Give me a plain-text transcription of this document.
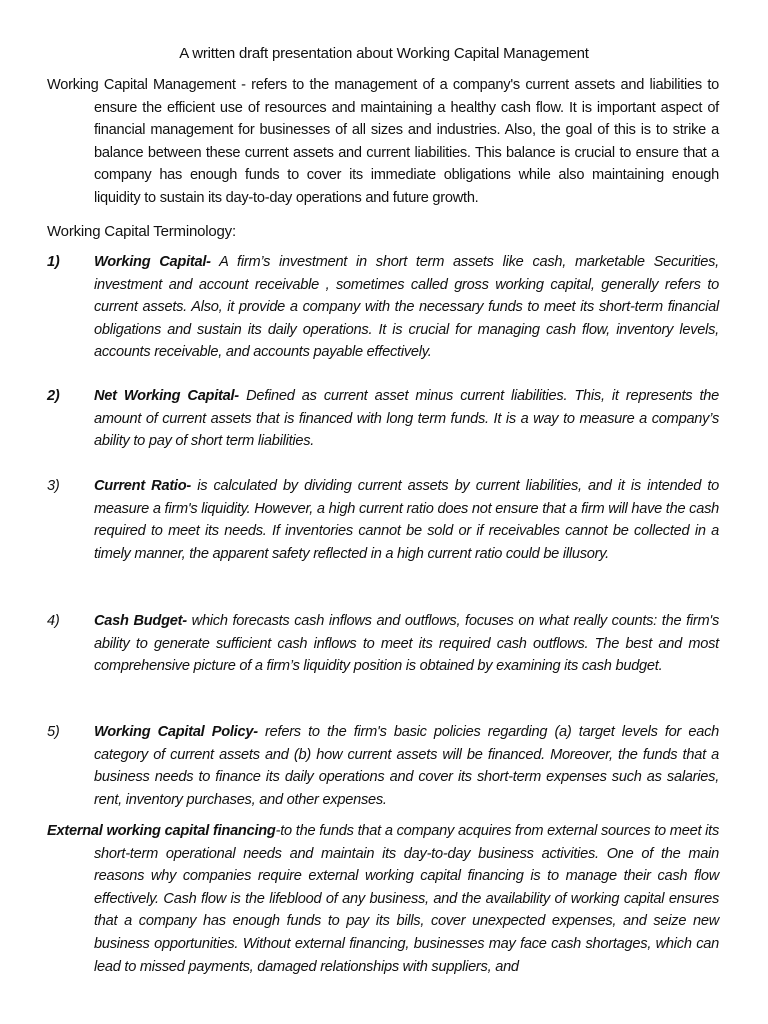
A written draft presentation about Working Capital Management
Working Capital Management - refers to the management of a company's current assets and liabilities to ensure the efficient use of resources and maintaining a healthy cash flow. It is important aspect of financial management for businesses of all sizes and industries. Also, the goal of this is to strike a balance between these current assets and current liabilities. This balance is crucial to ensure that a company has enough funds to cover its immediate obligations while also maintaining enough liquidity to sustain its day-to-day operations and future growth.
Working Capital Terminology:
1)	Working Capital- A firm’s investment in short term assets like cash, marketable Securities, investment and account receivable , sometimes called gross working capital, generally refers to current assets. Also, it provide a company with the necessary funds to meet its short-term financial obligations and sustain its daily operations. It is crucial for managing cash flow, inventory levels, accounts receivable, and accounts payable effectively.
2)	Net Working Capital- Defined as current asset minus current liabilities. This, it represents the amount of current assets that is financed with long term funds. It is a way to measure a company’s ability to pay of short term liabilities.
3)	Current Ratio- is calculated by dividing current assets by current liabilities, and it is intended to measure a firm's liquidity. However, a high current ratio does not ensure that a firm will have the cash required to meet its needs. If inventories cannot be sold or if receivables cannot be collected in a timely manner, the apparent safety reflected in a high current ratio could be illusory.
4)	Cash Budget- which forecasts cash inflows and outflows, focuses on what really counts: the firm's ability to generate sufficient cash inflows to meet its required cash outflows. The best and most comprehensive picture of a firm’s liquidity position is obtained by examining its cash budget.
5)	Working Capital Policy- refers to the firm's basic policies regarding (a) target levels for each category of current assets and (b) how current assets will be financed. Moreover, the funds that a business needs to finance its daily operations and cover its short-term expenses such as salaries, rent, inventory purchases, and other expenses.
External working capital financing-to the funds that a company acquires from external sources to meet its short-term operational needs and maintain its day-to-day business activities. One of the main reasons why companies require external working capital financing is to manage their cash flow effectively. Cash flow is the lifeblood of any business, and the availability of working capital ensures that a company has enough funds to pay its bills, cover unexpected expenses, and seize new business opportunities. Without external financing, businesses may face cash shortages, which can lead to missed payments, damaged relationships with suppliers, and
